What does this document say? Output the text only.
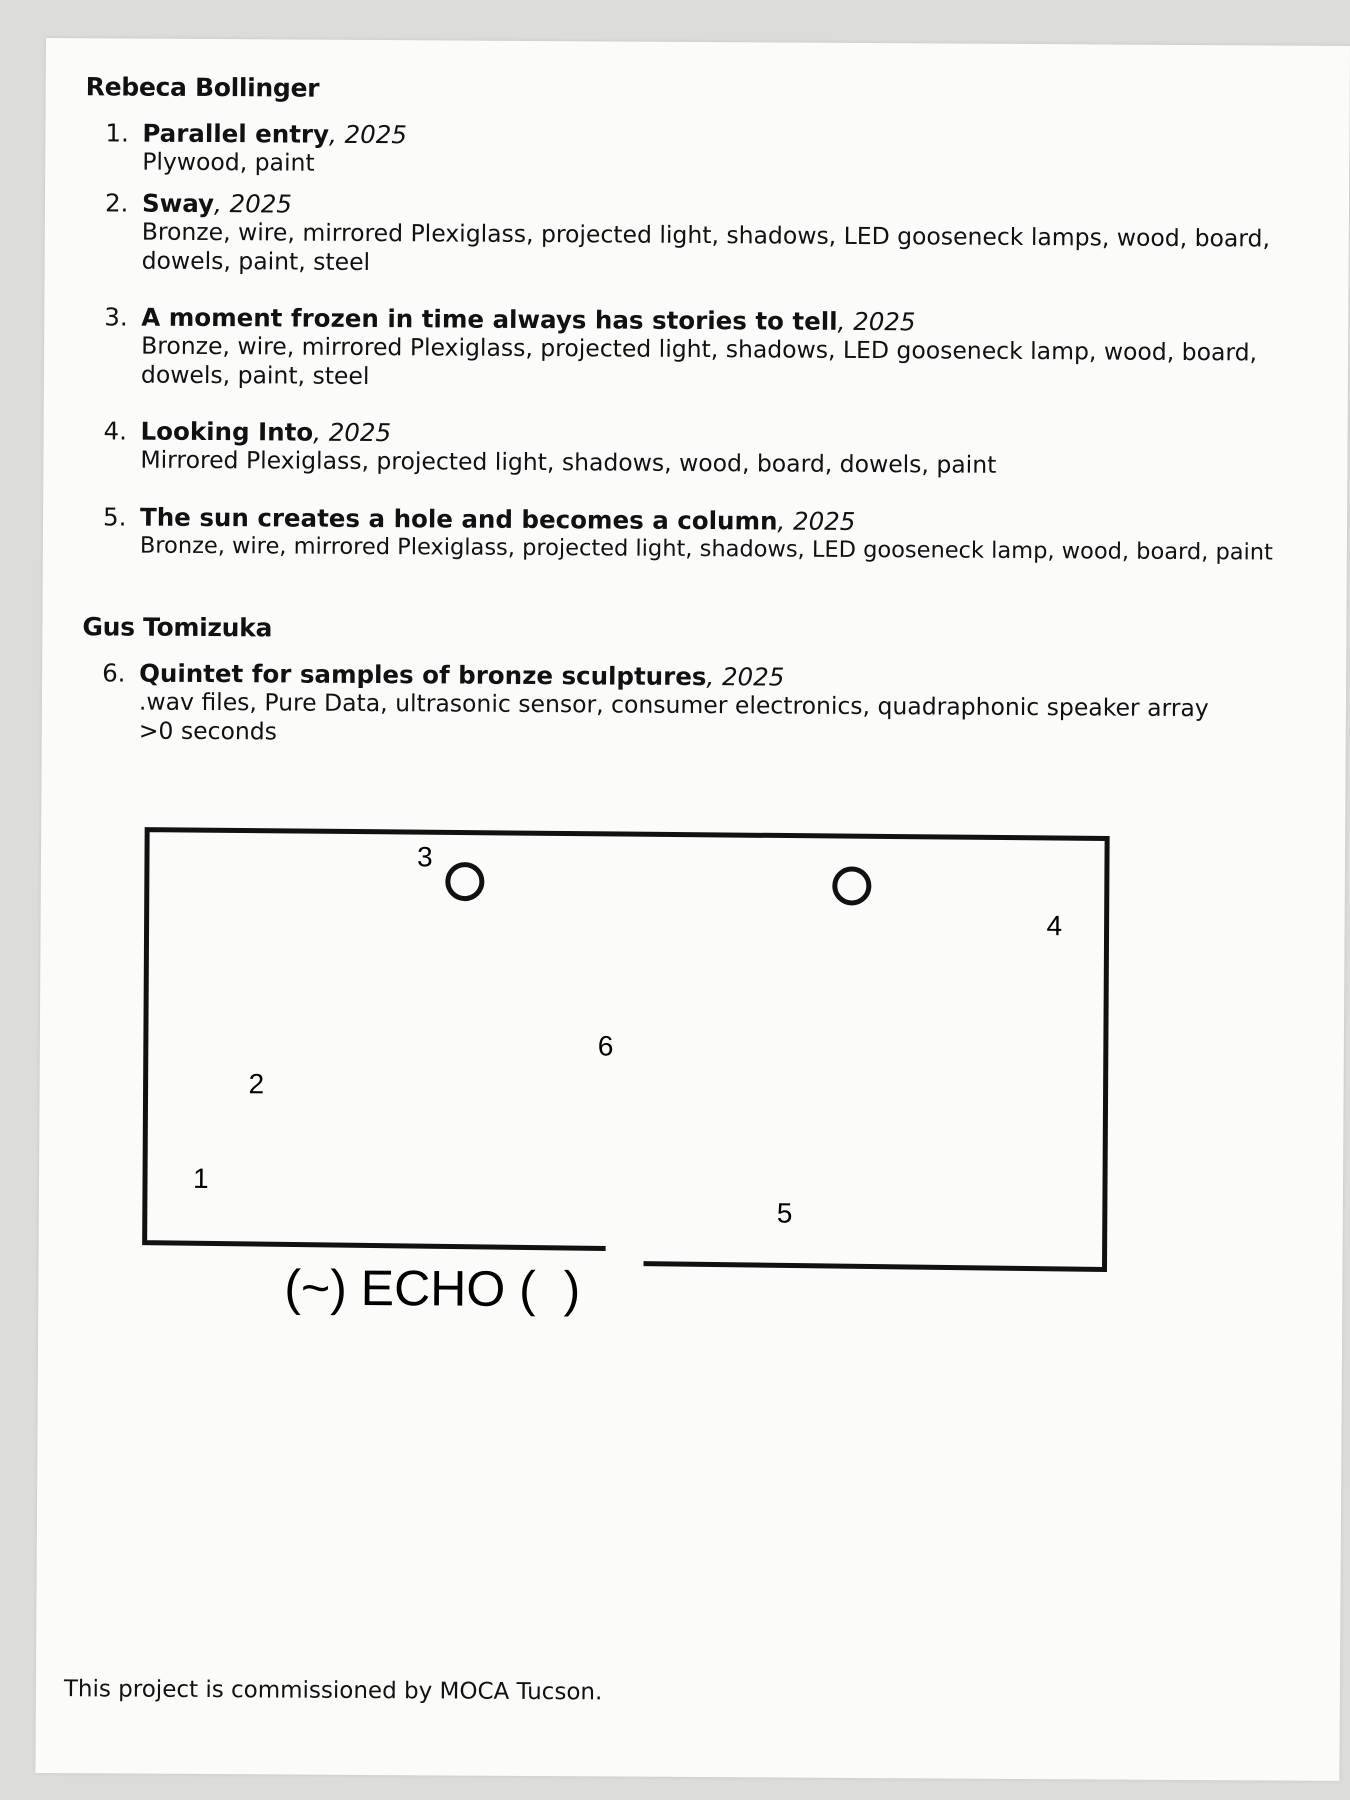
Rebeca Bollinger
1. Parallel entry, 2025
Plywood, paint
2. Sway, 2025
Bronze, wire, mirrored Plexiglass, projected light, shadows, LED gooseneck lamps, wood, board, dowels, paint, steel
3. A moment frozen in time always has stories to tell, 2025
Bronze, wire, mirrored Plexiglass, projected light, shadows, LED gooseneck lamp, wood, board, dowels, paint, steel
4. Looking Into, 2025
Mirrored Plexiglass, projected light, shadows, wood, board, dowels, paint
5. The sun creates a hole and becomes a column, 2025
Bronze, wire, mirrored Plexiglass, projected light, shadows, LED gooseneck lamp, wood, board, paint
Gus Tomizuka
6. Quintet for samples of bronze sculptures, 2025
.wav files, Pure Data, ultrasonic sensor, consumer electronics, quadraphonic speaker array
>0 seconds
1
2
3
4
5
6
(~) ECHO (  )
This project is commissioned by MOCA Tucson.
